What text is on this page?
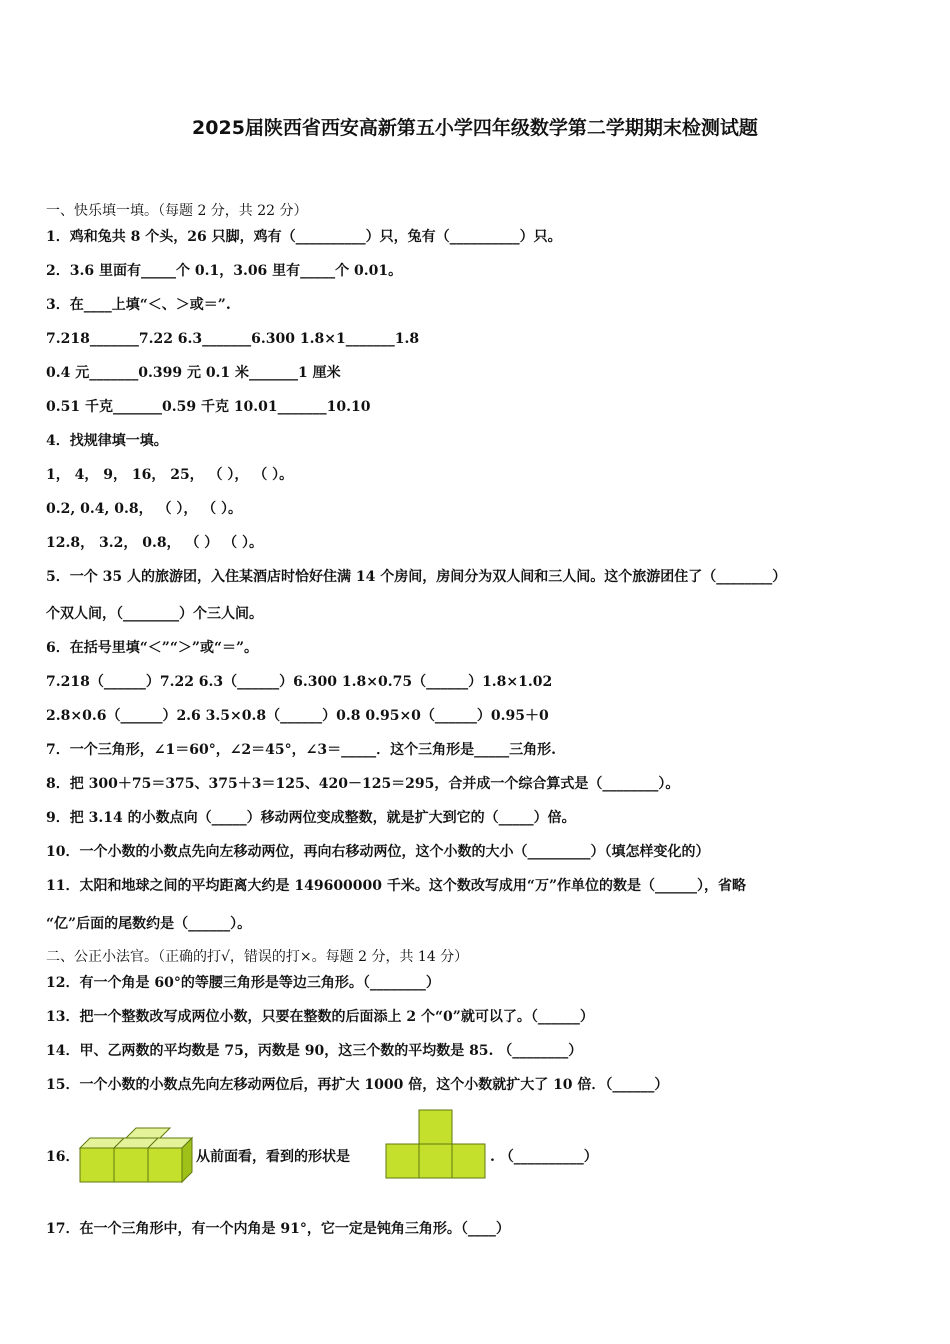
2025届陕西省西安高新第五小学四年级数学第二学期期末检测试题
一、快乐填一填。（每题 2 分，共 22 分）
1．鸡和兔共 8 个头，26 只脚，鸡有（__________）只，兔有（__________）只。
2．3.6 里面有_____个 0.1，3.06 里有_____个 0.01。
3．在____上填“＜、＞或＝”.
7.218_______7.22 6.3_______6.300 1.8×1_______1.8
0.4 元_______0.399 元 0.1 米_______1 厘米
0.51 千克_______0.59 千克 10.01_______10.10
4．找规律填一填。
1， 4， 9， 16， 25， （ ）， （ ）。
0.2, 0.4, 0.8， （ ）， （ ）。
12.8， 3.2， 0.8， （ ） （ ）。
5．一个 35 人的旅游团，入住某酒店时恰好住满 14 个房间，房间分为双人间和三人间。这个旅游团住了（________）
个双人间，（________）个三人间。
6．在括号里填“＜”“＞”或“＝”。
7.218（______）7.22 6.3（______）6.300 1.8×0.75（______）1.8×1.02
2.8×0.6（______）2.6 3.5×0.8（______）0.8 0.95×0（______）0.95＋0
7．一个三角形，∠1＝60°，∠2＝45°，∠3＝_____．这个三角形是_____三角形.
8．把 300＋75＝375、375＋3＝125、420－125＝295，合并成一个综合算式是（________）。
9．把 3.14 的小数点向（_____）移动两位变成整数，就是扩大到它的（_____）倍。
10．一个小数的小数点先向左移动两位，再向右移动两位，这个小数的大小（_________）（填怎样变化的）
11．太阳和地球之间的平均距离大约是 149600000 千米。这个数改写成用“万”作单位的数是（______），省略
“亿”后面的尾数约是（______）。
二、公正小法官。（正确的打√，错误的打×。每题 2 分，共 14 分）
12．有一个角是 60°的等腰三角形是等边三角形。（________）
13．把一个整数改写成两位小数，只要在整数的后面添上 2 个“0”就可以了。（______）
14．甲、乙两数的平均数是 75，丙数是 90，这三个数的平均数是 85. （________）
15．一个小数的小数点先向左移动两位后，再扩大 1000 倍，这个小数就扩大了 10 倍．（______）
16．	从前面看，看到的形状是	. （__________）
17．在一个三角形中，有一个内角是 91°，它一定是钝角三角形。（____）
